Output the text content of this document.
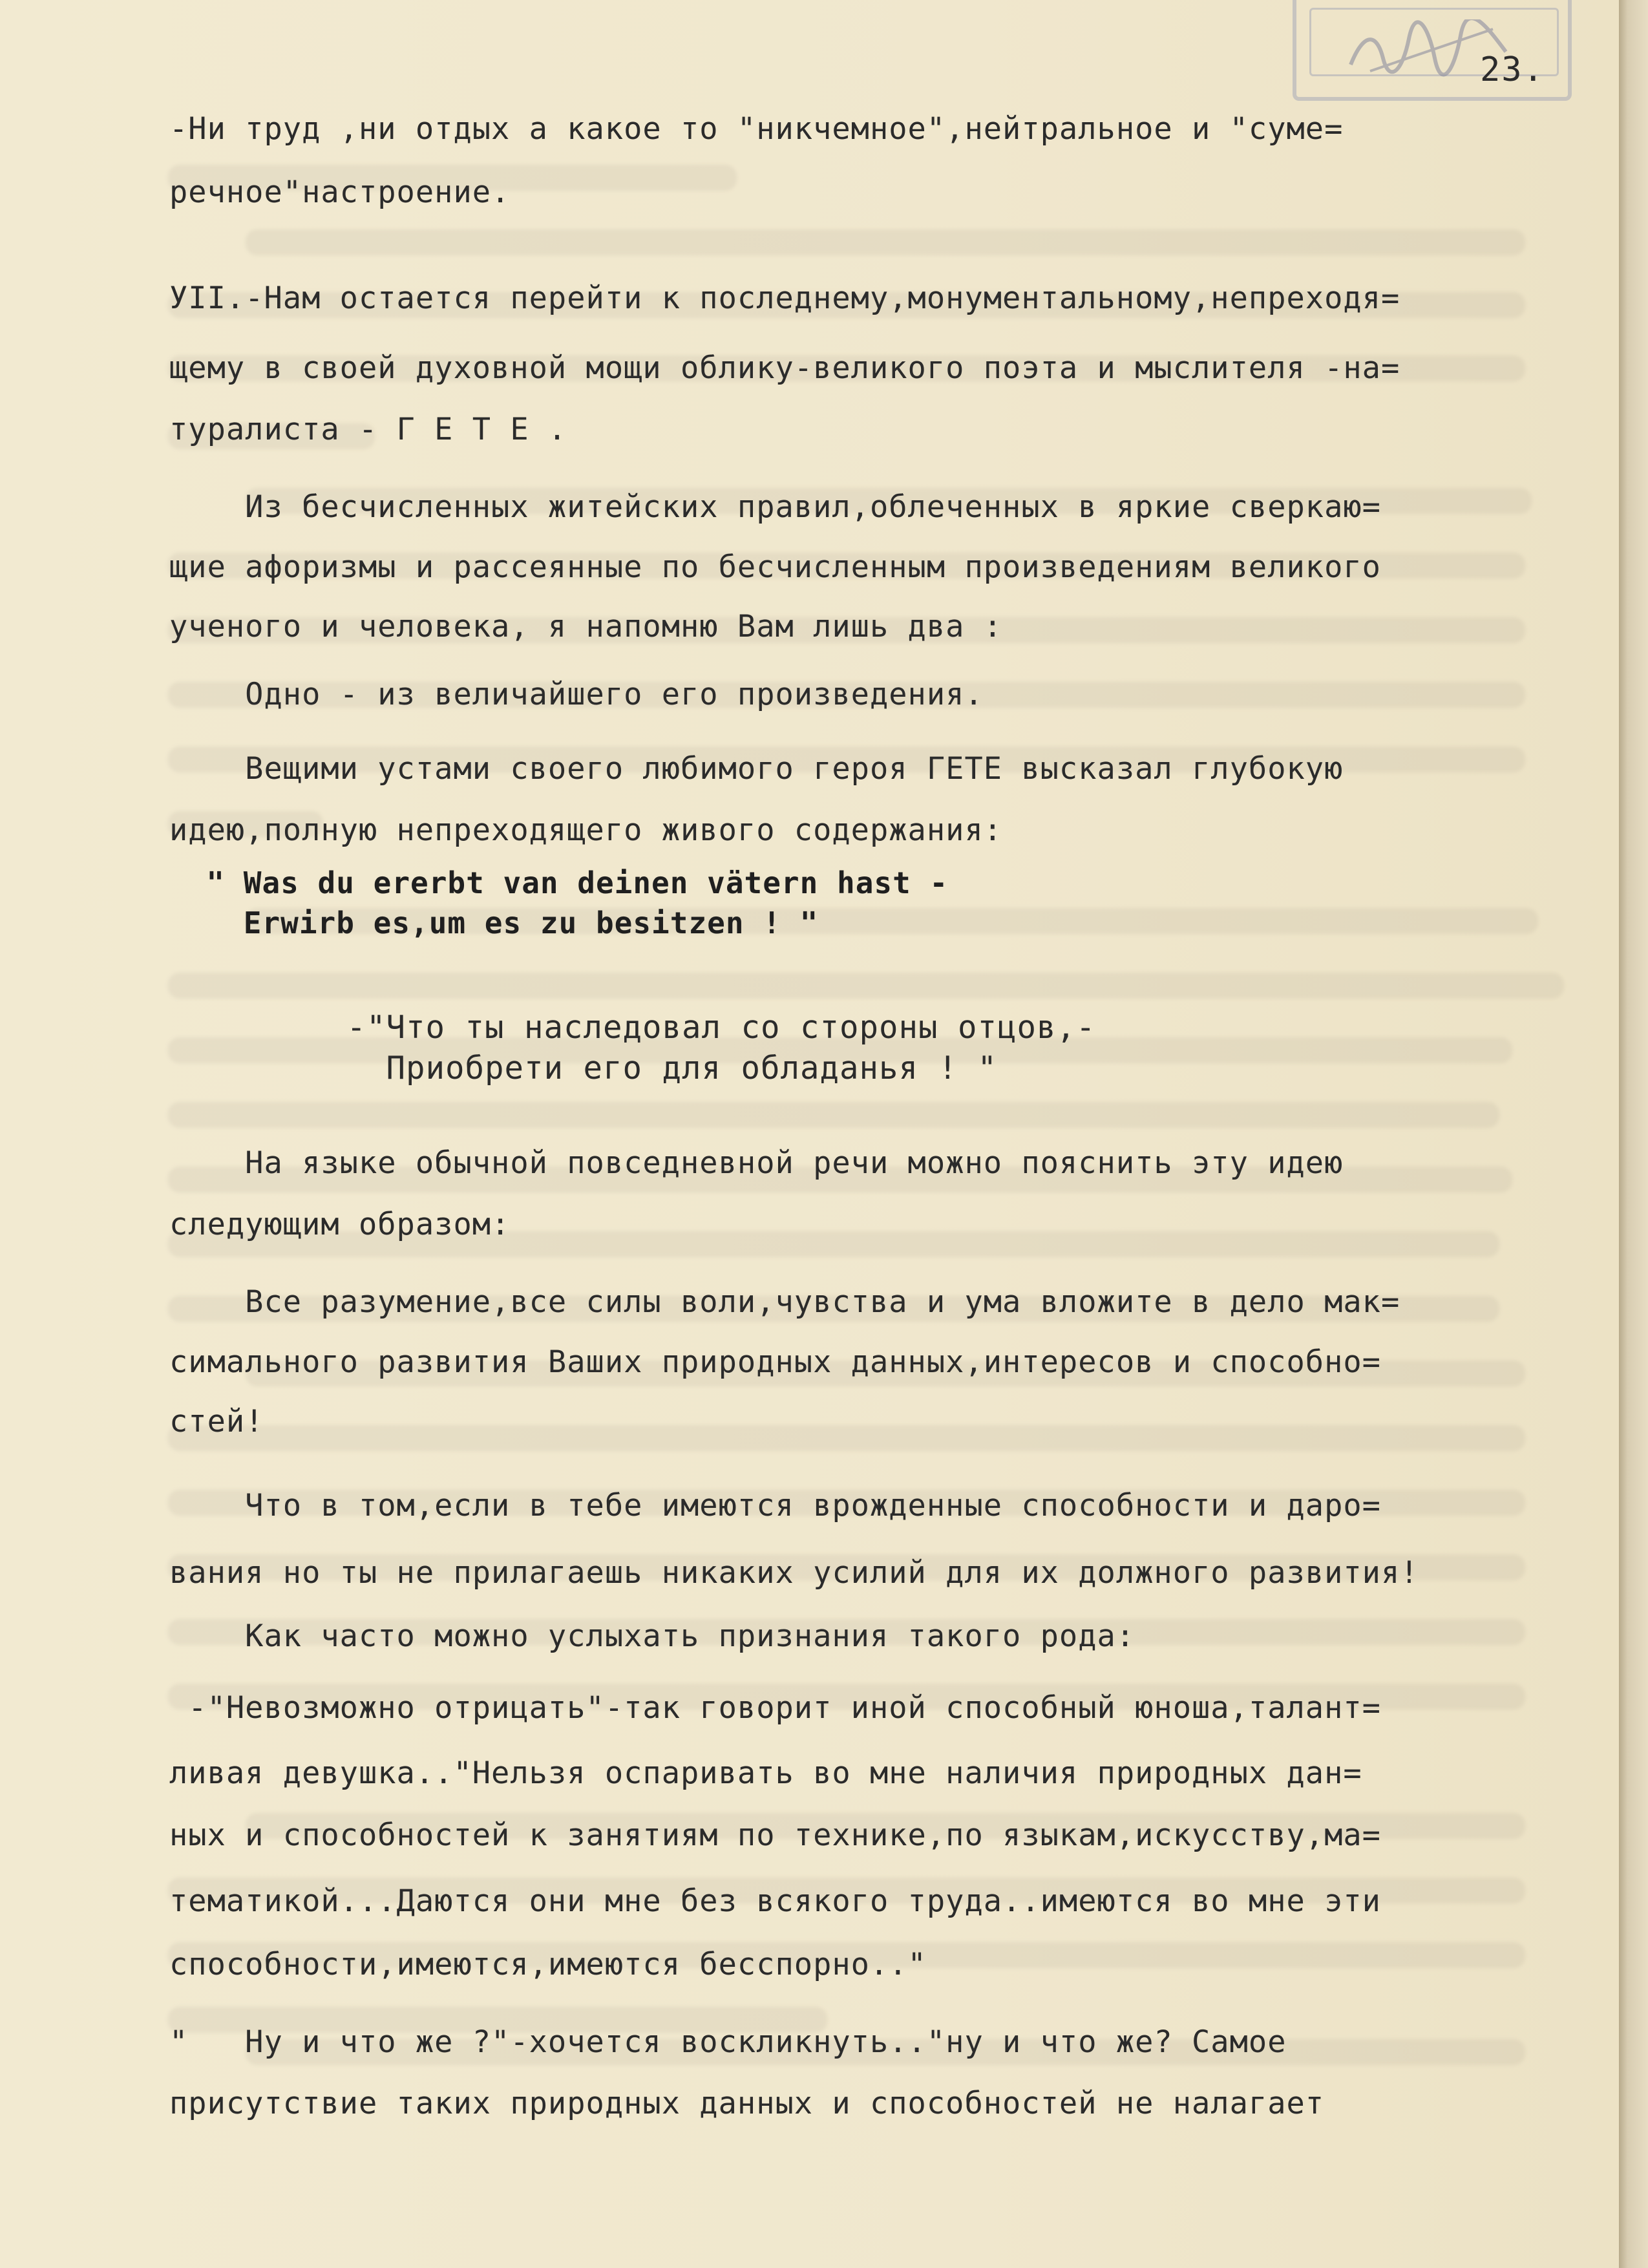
23.
-Ни труд ,ни отдых а какое то "никчемное",нейтральное и "суме=
речное"настроение.
УII.-Нам остается перейти к последнему,монументальному,непреходя=
щему в своей духовной мощи облику-великого поэта и мыслителя -на=
туралиста - Г Е Т Е .
Из бесчисленных житейских правил,облеченных в яркие сверкаю=
щие афоризмы и рассеянные по бесчисленным произведениям великого
ученого и человека, я напомню Вам лишь два :
Одно - из величайшего его произведения.
Вещими устами своего любимого героя ГЕТЕ высказал глубокую
идею,полную непреходящего живого содержания:
" Was du ererbt van deinen vätern hast -
Erwirb es,um es zu besitzen ! "
-"Что ты наследовал со стороны отцов,-
Приобрети его для обладанья ! "
На языке обычной повседневной речи можно пояснить эту идею
следующим образом:
Все разумение,все силы воли,чувства и ума вложите в дело мак=
симального развития Ваших природных данных,интересов и способно=
стей!
Что в том,если в тебе имеются врожденные способности и даро=
вания но ты не прилагаешь никаких усилий для их должного развития!
Как часто можно услыхать признания такого рода:
-"Невозможно отрицать"-так говорит иной способный юноша,талант=
ливая девушка.."Нельзя оспаривать во мне наличия природных дан=
ных и способностей к занятиям по технике,по языкам,искусству,ма=
тематикой...Даются они мне без всякого труда..имеются во мне эти
способности,имеются,имеются бесспорно.."
"   Ну и что же ?"-хочется воскликнуть.."ну и что же? Самое
присутствие таких природных данных и способностей не налагает
